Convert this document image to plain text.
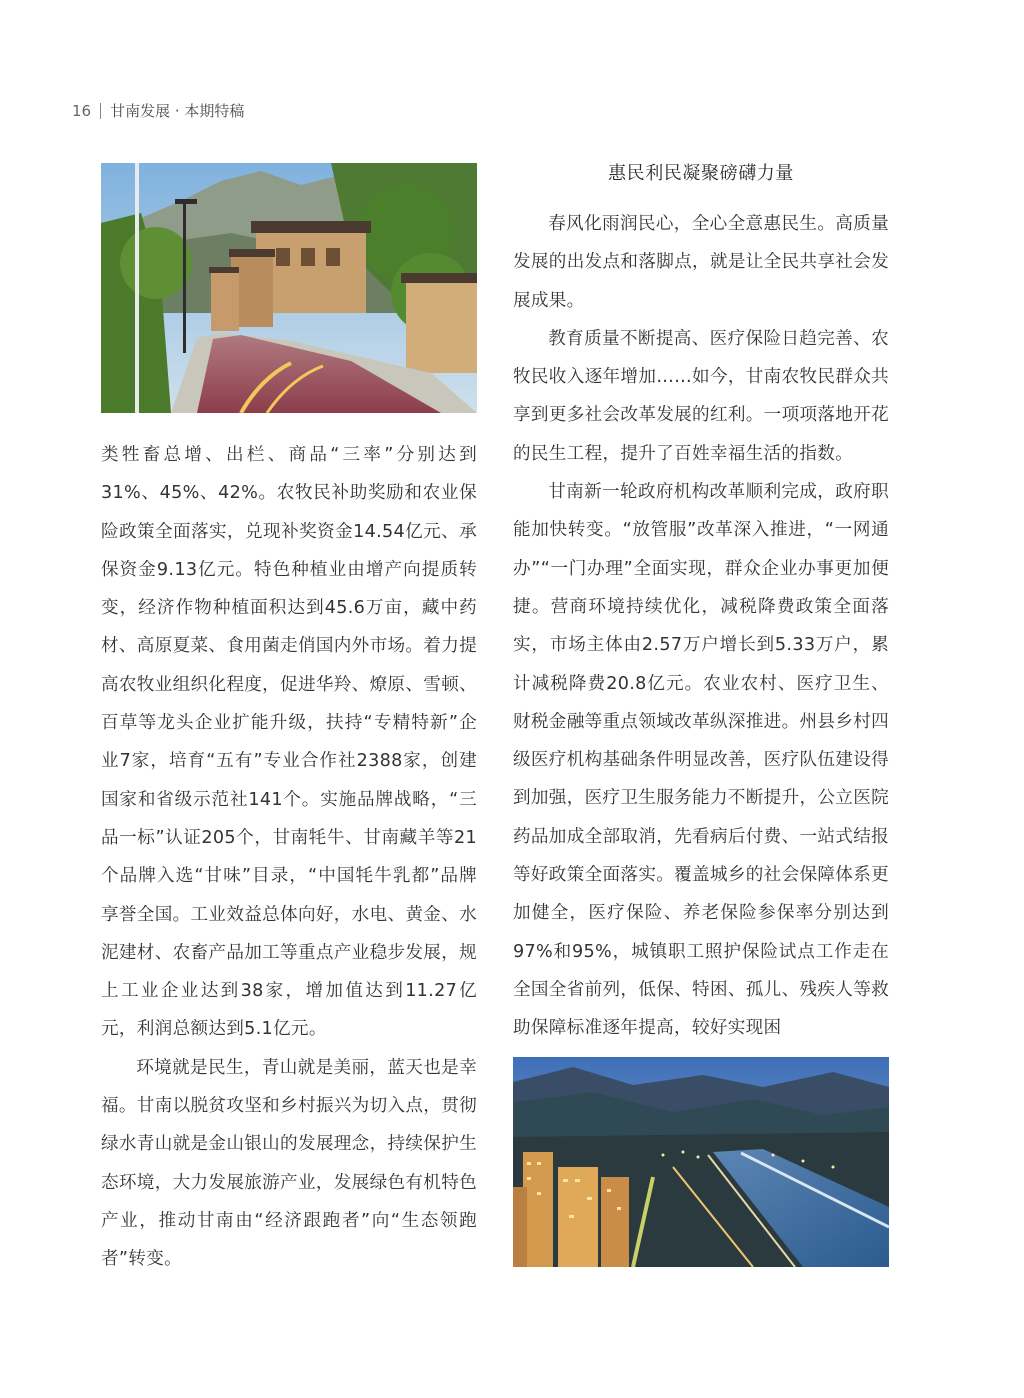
16 甘南发展 · 本期特稿

类牲畜总增、出栏、商品“三率”分别达到31%、45%、42%。农牧民补助奖励和农业保险政策全面落实，兑现补奖资金14.54亿元、承保资金9.13亿元。特色种植业由增产向提质转变，经济作物种植面积达到45.6万亩，藏中药材、高原夏菜、食用菌走俏国内外市场。着力提高农牧业组织化程度，促进华羚、燎原、雪顿、百草等龙头企业扩能升级，扶持“专精特新”企业7家，培育“五有”专业合作社2388家，创建国家和省级示范社141个。实施品牌战略，“三品一标”认证205个，甘南牦牛、甘南藏羊等21个品牌入选“甘味”目录，“中国牦牛乳都”品牌享誉全国。工业效益总体向好，水电、黄金、水泥建材、农畜产品加工等重点产业稳步发展，规上工业企业达到38家，增加值达到11.27亿元，利润总额达到5.1亿元。

环境就是民生，青山就是美丽，蓝天也是幸福。甘南以脱贫攻坚和乡村振兴为切入点，贯彻绿水青山就是金山银山的发展理念，持续保护生态环境，大力发展旅游产业，发展绿色有机特色产业，推动甘南由“经济跟跑者”向“生态领跑者”转变。

惠民利民凝聚磅礴力量

春风化雨润民心，全心全意惠民生。高质量发展的出发点和落脚点，就是让全民共享社会发展成果。

教育质量不断提高、医疗保险日趋完善、农牧民收入逐年增加……如今，甘南农牧民群众共享到更多社会改革发展的红利。一项项落地开花的民生工程，提升了百姓幸福生活的指数。

甘南新一轮政府机构改革顺利完成，政府职能加快转变。“放管服”改革深入推进，“一网通办”“一门办理”全面实现，群众企业办事更加便捷。营商环境持续优化，减税降费政策全面落实，市场主体由2.57万户增长到5.33万户，累计减税降费20.8亿元。农业农村、医疗卫生、财税金融等重点领域改革纵深推进。州县乡村四级医疗机构基础条件明显改善，医疗队伍建设得到加强，医疗卫生服务能力不断提升，公立医院药品加成全部取消，先看病后付费、一站式结报等好政策全面落实。覆盖城乡的社会保障体系更加健全，医疗保险、养老保险参保率分别达到97%和95%，城镇职工照护保险试点工作走在全国全省前列，低保、特困、孤儿、残疾人等救助保障标准逐年提高，较好实现困
